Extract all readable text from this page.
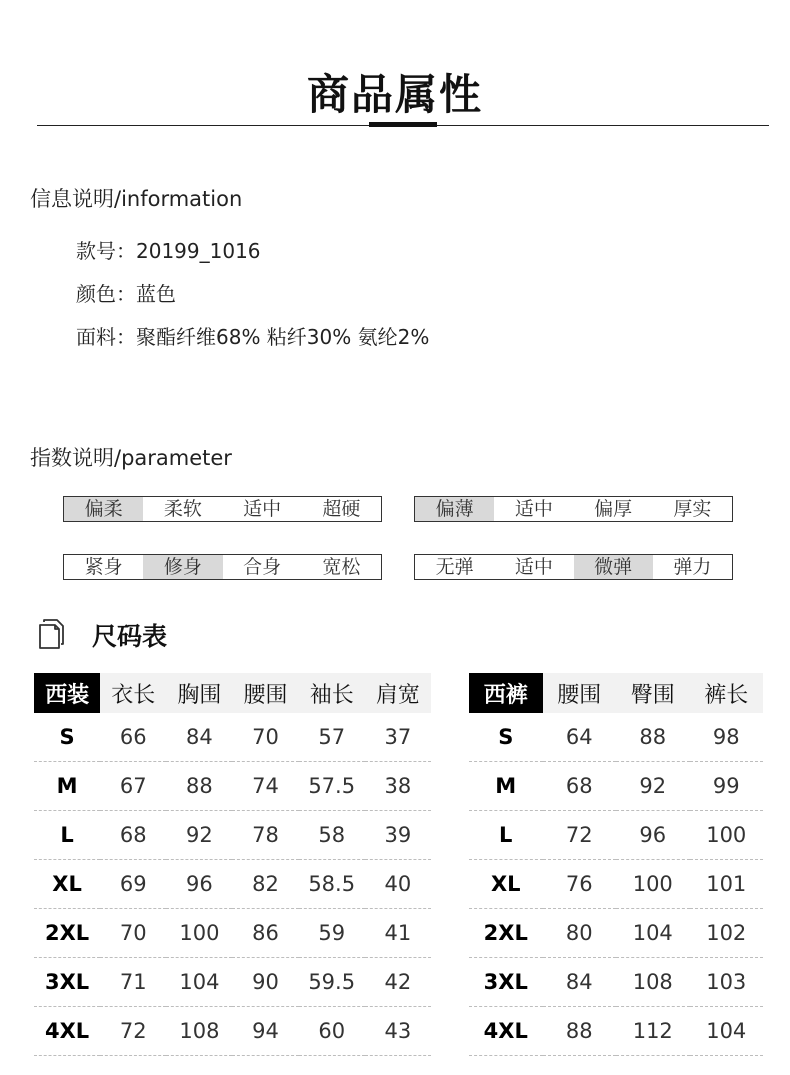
商品属性
信息说明/information
款号：20199_1016
颜色：蓝色
面料：聚酯纤维68% 粘纤30% 氨纶2%
指数说明/parameter
偏柔	柔软	适中	超硬	偏薄	适中	偏厚	厚实
紧身	修身	合身	宽松	无弹	适中	微弹	弹力
尺码表
西装	衣长	胸围	腰围	袖长	肩宽
S	66	84	70	57	37
M	67	88	74	57.5	38
L	68	92	78	58	39
XL	69	96	82	58.5	40
2XL	70	100	86	59	41
3XL	71	104	90	59.5	42
4XL	72	108	94	60	43
西裤	腰围	臀围	裤长
S	64	88	98
M	68	92	99
L	72	96	100
XL	76	100	101
2XL	80	104	102
3XL	84	108	103
4XL	88	112	104
